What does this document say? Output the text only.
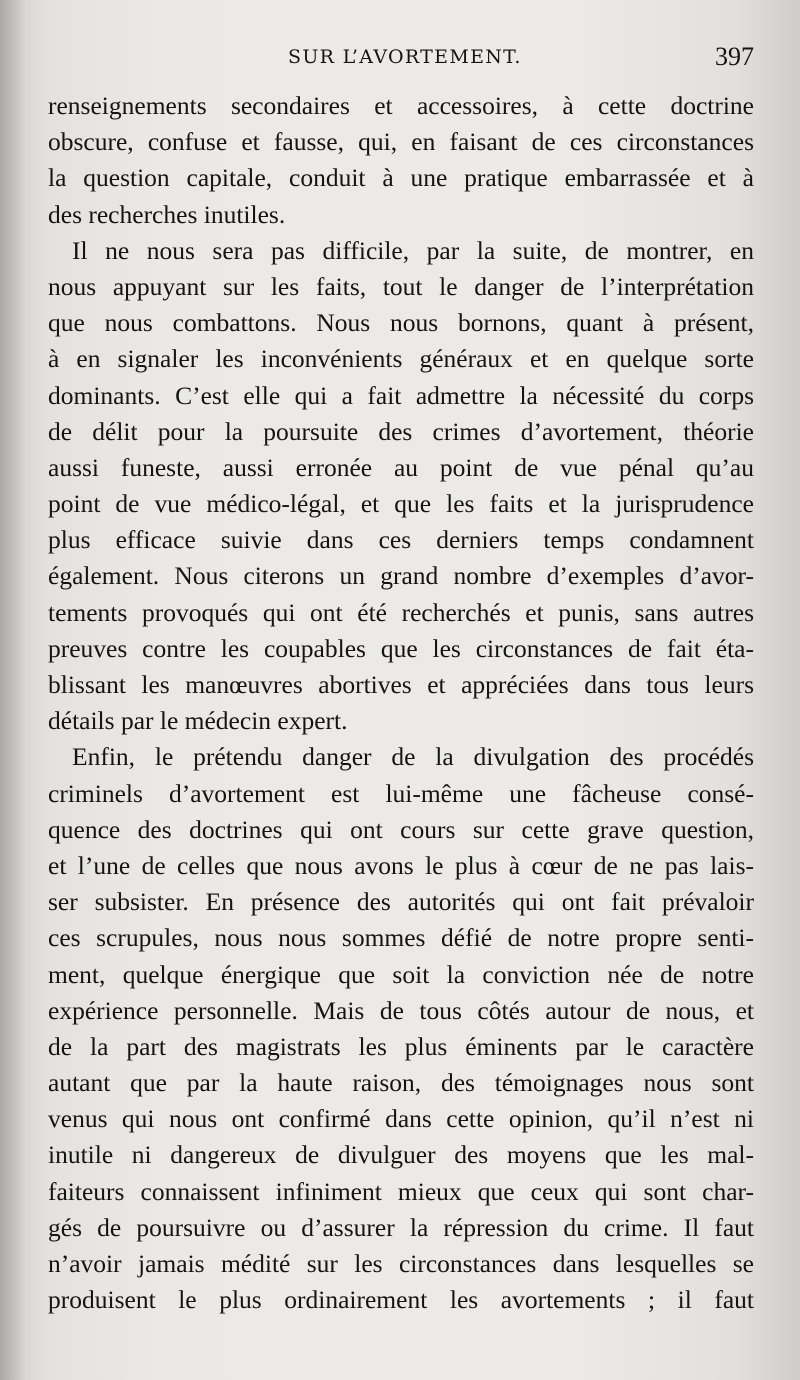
SUR L’AVORTEMENT.	397
renseignements secondaires et accessoires, à cette doctrine
obscure, confuse et fausse, qui, en faisant de ces circonstances
la question capitale, conduit à une pratique embarrassée et à
des recherches inutiles.
Il ne nous sera pas difficile, par la suite, de montrer, en
nous appuyant sur les faits, tout le danger de l’interprétation
que nous combattons. Nous nous bornons, quant à présent,
à en signaler les inconvénients généraux et en quelque sorte
dominants. C’est elle qui a fait admettre la nécessité du corps
de délit pour la poursuite des crimes d’avortement, théorie
aussi funeste, aussi erronée au point de vue pénal qu’au
point de vue médico-légal, et que les faits et la jurisprudence
plus efficace suivie dans ces derniers temps condamnent
également. Nous citerons un grand nombre d’exemples d’avor-
tements provoqués qui ont été recherchés et punis, sans autres
preuves contre les coupables que les circonstances de fait éta-
blissant les manœuvres abortives et appréciées dans tous leurs
détails par le médecin expert.
Enfin, le prétendu danger de la divulgation des procédés
criminels d’avortement est lui-même une fâcheuse consé-
quence des doctrines qui ont cours sur cette grave question,
et l’une de celles que nous avons le plus à cœur de ne pas lais-
ser subsister. En présence des autorités qui ont fait prévaloir
ces scrupules, nous nous sommes défié de notre propre senti-
ment, quelque énergique que soit la conviction née de notre
expérience personnelle. Mais de tous côtés autour de nous, et
de la part des magistrats les plus éminents par le caractère
autant que par la haute raison, des témoignages nous sont
venus qui nous ont confirmé dans cette opinion, qu’il n’est ni
inutile ni dangereux de divulguer des moyens que les mal-
faiteurs connaissent infiniment mieux que ceux qui sont char-
gés de poursuivre ou d’assurer la répression du crime. Il faut
n’avoir jamais médité sur les circonstances dans lesquelles se
produisent le plus ordinairement les avortements ; il faut
